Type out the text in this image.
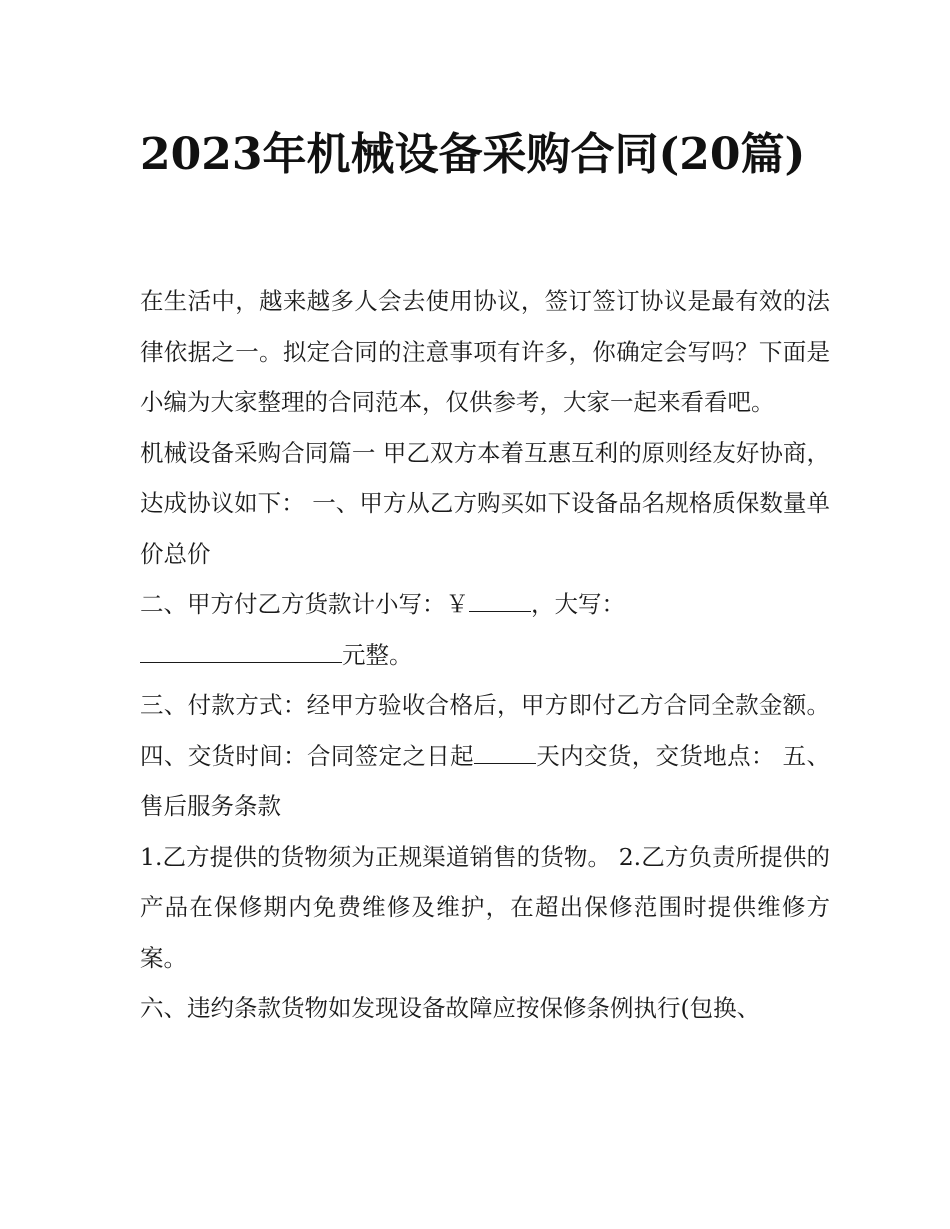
2023年机械设备采购合同(20篇)

在生活中，越来越多人会去使用协议，签订签订协议是最有效的法律依据之一。拟定合同的注意事项有许多，你确定会写吗？下面是小编为大家整理的合同范本，仅供参考，大家一起来看看吧。

机械设备采购合同篇一 甲乙双方本着互惠互利的原则经友好协商，达成协议如下： 一、甲方从乙方购买如下设备品名规格质保数量单价总价

二、甲方付乙方货款计小写：￥	，大写：
元整。

三、付款方式：经甲方验收合格后，甲方即付乙方合同全款金额。 四、交货时间：合同签定之日起	天内交货，交货地点： 五、售后服务条款

1.乙方提供的货物须为正规渠道销售的货物。 2.乙方负责所提供的产品在保修期内免费维修及维护，在超出保修范围时提供维修方案。

六、违约条款货物如发现设备故障应按保修条例执行(包换、
